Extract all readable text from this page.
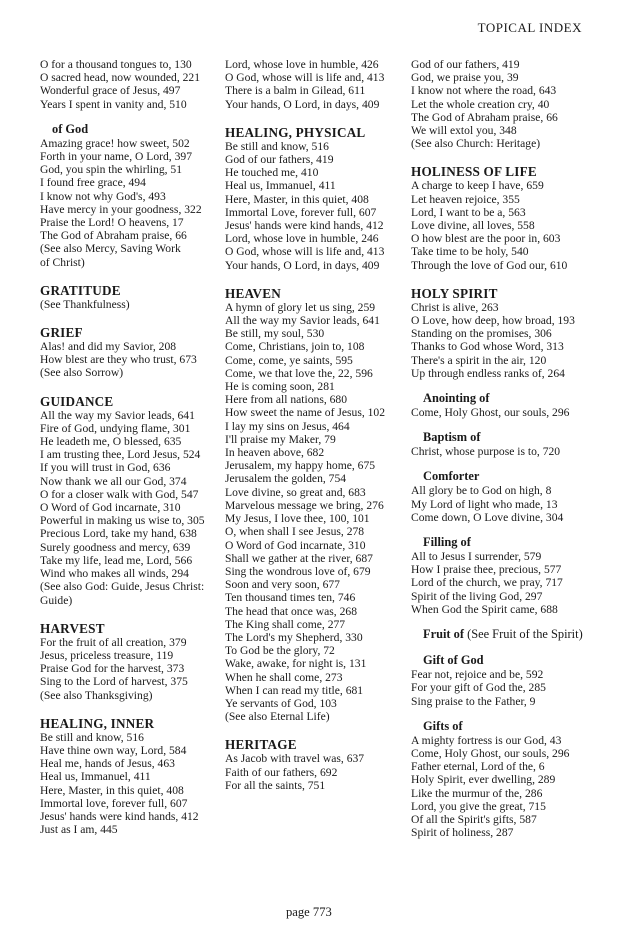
TOPICAL INDEX
O for a thousand tongues to, 130
O sacred head, now wounded, 221
Wonderful grace of Jesus, 497
Years I spent in vanity and, 510
of God
Amazing grace! how sweet, 502
Forth in your name, O Lord, 397
God, you spin the whirling, 51
I found free grace, 494
I know not why God's, 493
Have mercy in your goodness, 322
Praise the Lord! O heavens, 17
The God of Abraham praise, 66
(See also Mercy, Saving Work
of Christ)
GRATITUDE
(See Thankfulness)
GRIEF
Alas! and did my Savior, 208
How blest are they who trust, 673
(See also Sorrow)
GUIDANCE
All the way my Savior leads, 641
Fire of God, undying flame, 301
He leadeth me, O blessed, 635
I am trusting thee, Lord Jesus, 524
If you will trust in God, 636
Now thank we all our God, 374
O for a closer walk with God, 547
O Word of God incarnate, 310
Powerful in making us wise to, 305
Precious Lord, take my hand, 638
Surely goodness and mercy, 639
Take my life, lead me, Lord, 566
Wind who makes all winds, 294
(See also God: Guide, Jesus Christ:
Guide)
HARVEST
For the fruit of all creation, 379
Jesus, priceless treasure, 119
Praise God for the harvest, 373
Sing to the Lord of harvest, 375
(See also Thanksgiving)
HEALING, INNER
Be still and know, 516
Have thine own way, Lord, 584
Heal me, hands of Jesus, 463
Heal us, Immanuel, 411
Here, Master, in this quiet, 408
Immortal love, forever full, 607
Jesus' hands were kind hands, 412
Just as I am, 445
Lord, whose love in humble, 426
O God, whose will is life and, 413
There is a balm in Gilead, 611
Your hands, O Lord, in days, 409
HEALING, PHYSICAL
Be still and know, 516
God of our fathers, 419
He touched me, 410
Heal us, Immanuel, 411
Here, Master, in this quiet, 408
Immortal Love, forever full, 607
Jesus' hands were kind hands, 412
Lord, whose love in humble, 246
O God, whose will is life and, 413
Your hands, O Lord, in days, 409
HEAVEN
A hymn of glory let us sing, 259
All the way my Savior leads, 641
Be still, my soul, 530
Come, Christians, join to, 108
Come, come, ye saints, 595
Come, we that love the, 22, 596
He is coming soon, 281
Here from all nations, 680
How sweet the name of Jesus, 102
I lay my sins on Jesus, 464
I'll praise my Maker, 79
In heaven above, 682
Jerusalem, my happy home, 675
Jerusalem the golden, 754
Love divine, so great and, 683
Marvelous message we bring, 276
My Jesus, I love thee, 100, 101
O, when shall I see Jesus, 278
O Word of God incarnate, 310
Shall we gather at the river, 687
Sing the wondrous love of, 679
Soon and very soon, 677
Ten thousand times ten, 746
The head that once was, 268
The King shall come, 277
The Lord's my Shepherd, 330
To God be the glory, 72
Wake, awake, for night is, 131
When he shall come, 273
When I can read my title, 681
Ye servants of God, 103
(See also Eternal Life)
HERITAGE
As Jacob with travel was, 637
Faith of our fathers, 692
For all the saints, 751
God of our fathers, 419
God, we praise you, 39
I know not where the road, 643
Let the whole creation cry, 40
The God of Abraham praise, 66
We will extol you, 348
(See also Church: Heritage)
HOLINESS OF LIFE
A charge to keep I have, 659
Let heaven rejoice, 355
Lord, I want to be a, 563
Love divine, all loves, 558
O how blest are the poor in, 603
Take time to be holy, 540
Through the love of God our, 610
HOLY SPIRIT
Christ is alive, 263
O Love, how deep, how broad, 193
Standing on the promises, 306
Thanks to God whose Word, 313
There's a spirit in the air, 120
Up through endless ranks of, 264
Anointing of
Come, Holy Ghost, our souls, 296
Baptism of
Christ, whose purpose is to, 720
Comforter
All glory be to God on high, 8
My Lord of light who made, 13
Come down, O Love divine, 304
Filling of
All to Jesus I surrender, 579
How I praise thee, precious, 577
Lord of the church, we pray, 717
Spirit of the living God, 297
When God the Spirit came, 688
Fruit of (See Fruit of the Spirit)
Gift of God
Fear not, rejoice and be, 592
For your gift of God the, 285
Sing praise to the Father, 9
Gifts of
A mighty fortress is our God, 43
Come, Holy Ghost, our souls, 296
Father eternal, Lord of the, 6
Holy Spirit, ever dwelling, 289
Like the murmur of the, 286
Lord, you give the great, 715
Of all the Spirit's gifts, 587
Spirit of holiness, 287
page 773
